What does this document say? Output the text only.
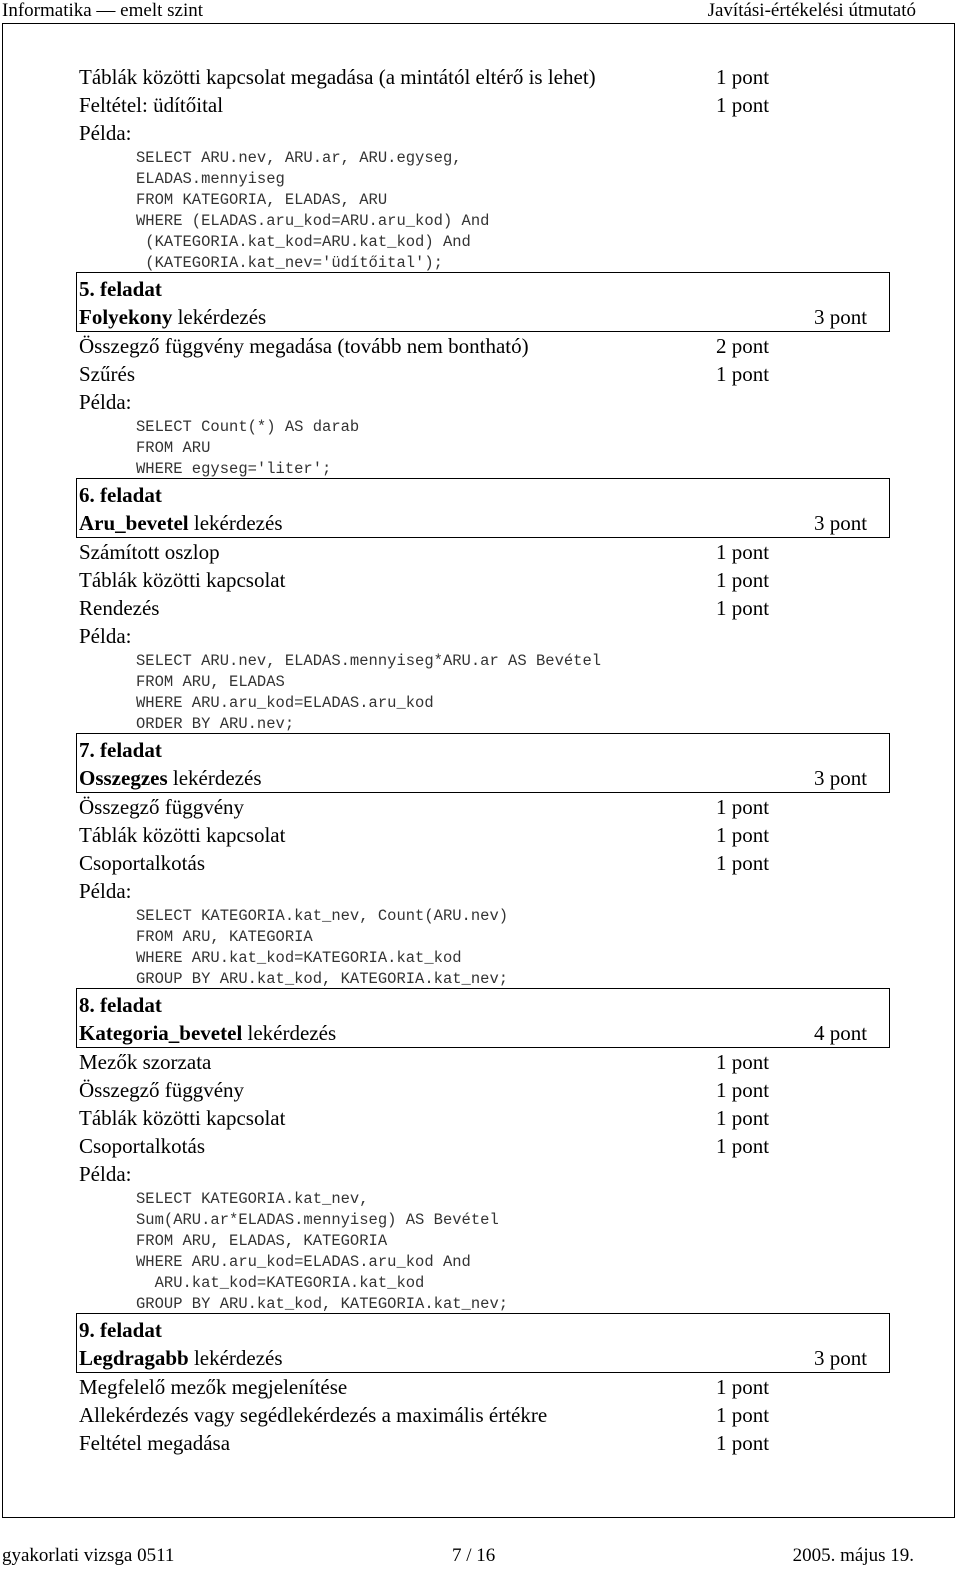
Informatika — emelt szint	Javítási-értékelési útmutató
Táblák közötti kapcsolat megadása (a mintától eltérő is lehet)	1 pont
Feltétel: üdítőital	1 pont
Példa:
SELECT ARU.nev, ARU.ar, ARU.egyseg,
ELADAS.mennyiseg
FROM KATEGORIA, ELADAS, ARU
WHERE (ELADAS.aru_kod=ARU.aru_kod) And
(KATEGORIA.kat_kod=ARU.kat_kod) And
(KATEGORIA.kat_nev='üdítőital');
5. feladat
Folyekony lekérdezés	3 pont
Összegző függvény megadása (tovább nem bontható)	2 pont
Szűrés	1 pont
Példa:
SELECT Count(*) AS darab
FROM ARU
WHERE egyseg='liter';
6. feladat
Aru_bevetel lekérdezés	3 pont
Számított oszlop	1 pont
Táblák közötti kapcsolat	1 pont
Rendezés	1 pont
Példa:
SELECT ARU.nev, ELADAS.mennyiseg*ARU.ar AS Bevétel
FROM ARU, ELADAS
WHERE ARU.aru_kod=ELADAS.aru_kod
ORDER BY ARU.nev;
7. feladat
Osszegzes lekérdezés	3 pont
Összegző függvény	1 pont
Táblák közötti kapcsolat	1 pont
Csoportalkotás	1 pont
Példa:
SELECT KATEGORIA.kat_nev, Count(ARU.nev)
FROM ARU, KATEGORIA
WHERE ARU.kat_kod=KATEGORIA.kat_kod
GROUP BY ARU.kat_kod, KATEGORIA.kat_nev;
8. feladat
Kategoria_bevetel lekérdezés	4 pont
Mezők szorzata	1 pont
Összegző függvény	1 pont
Táblák közötti kapcsolat	1 pont
Csoportalkotás	1 pont
Példa:
SELECT KATEGORIA.kat_nev,
Sum(ARU.ar*ELADAS.mennyiseg) AS Bevétel
FROM ARU, ELADAS, KATEGORIA
WHERE ARU.aru_kod=ELADAS.aru_kod And
ARU.kat_kod=KATEGORIA.kat_kod
GROUP BY ARU.kat_kod, KATEGORIA.kat_nev;
9. feladat
Legdragabb lekérdezés	3 pont
Megfelelő mezők megjelenítése	1 pont
Allekérdezés vagy segédlekérdezés a maximális értékre	1 pont
Feltétel megadása	1 pont
gyakorlati vizsga 0511	7 / 16	2005. május 19.
